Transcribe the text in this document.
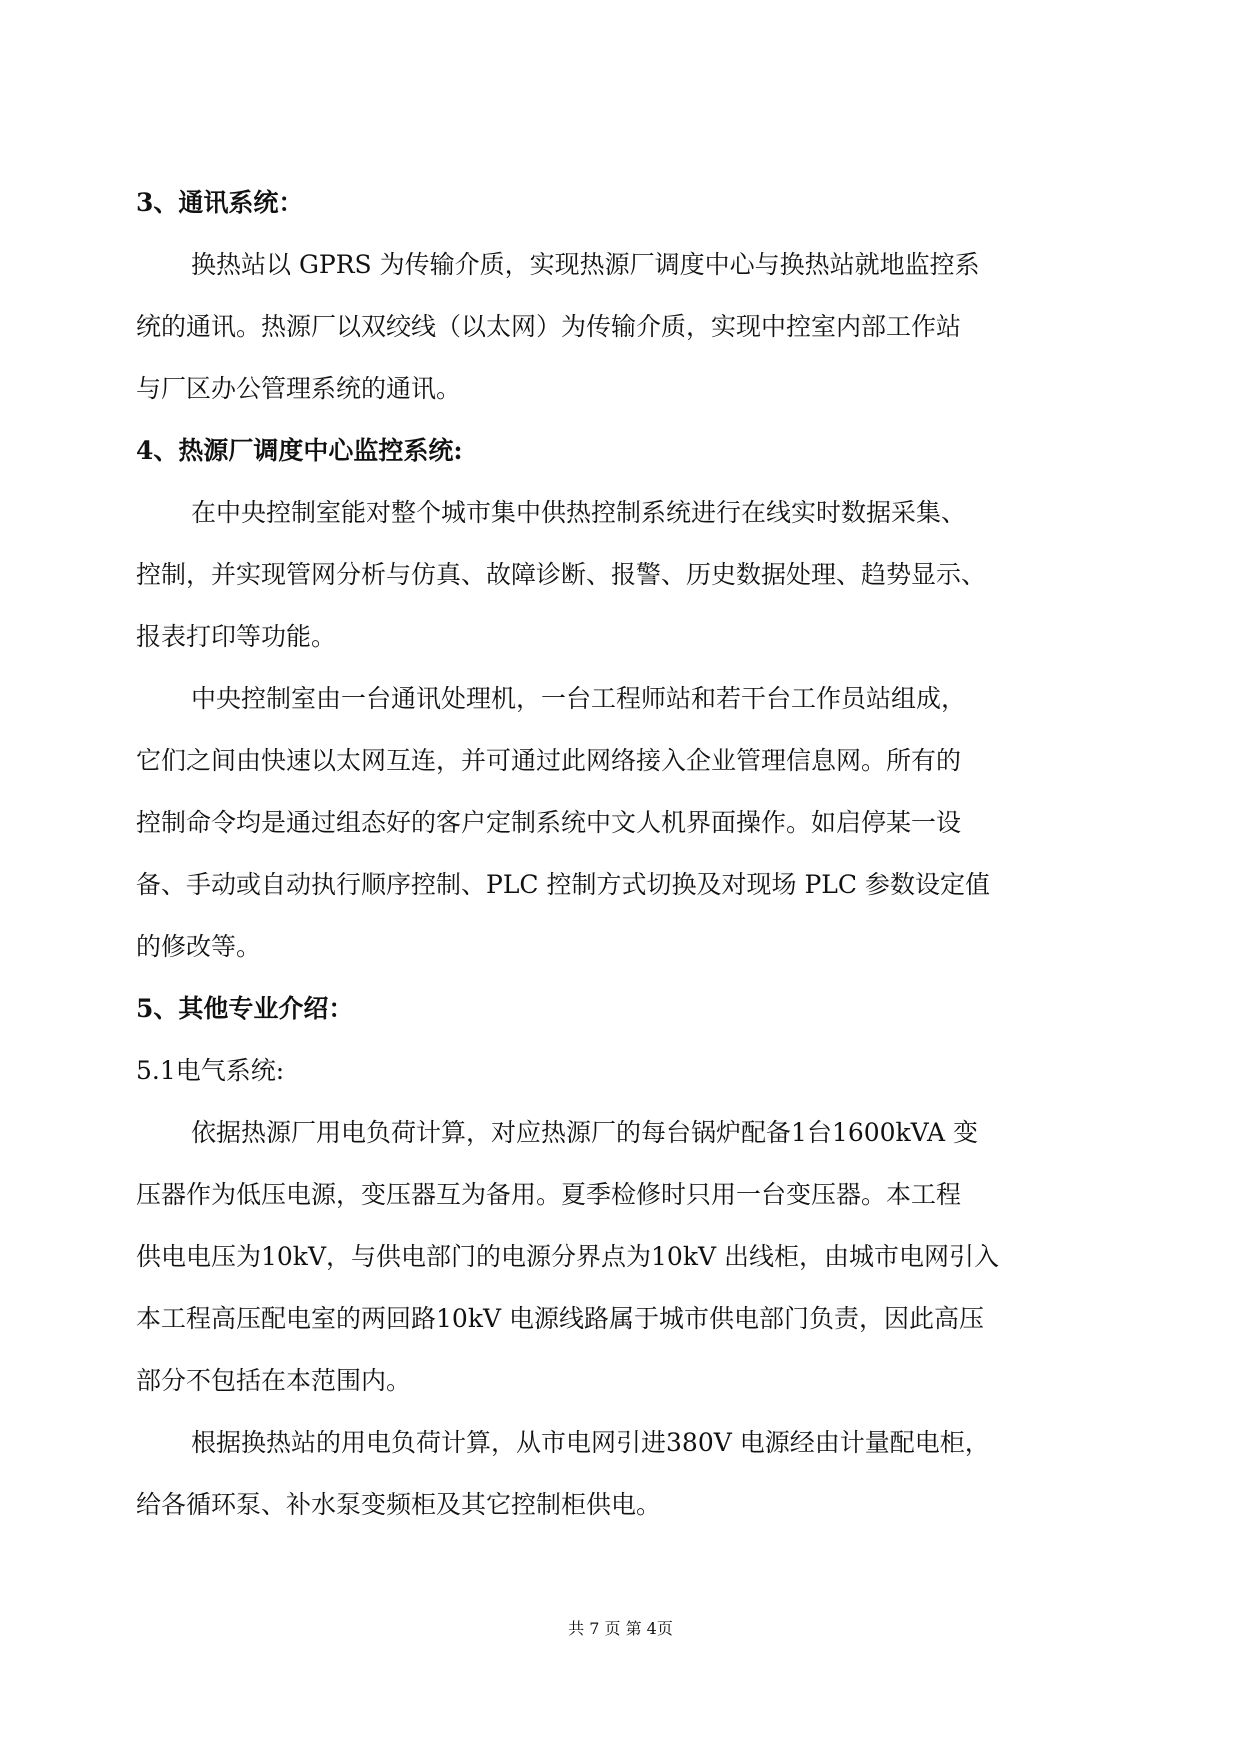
3、通讯系统：
换热站以 GPRS 为传输介质，实现热源厂调度中心与换热站就地监控系
统的通讯。热源厂以双绞线（以太网）为传输介质，实现中控室内部工作站
与厂区办公管理系统的通讯。
4、热源厂调度中心监控系统:
在中央控制室能对整个城市集中供热控制系统进行在线实时数据采集、
控制，并实现管网分析与仿真、故障诊断、报警、历史数据处理、趋势显示、
报表打印等功能。
中央控制室由一台通讯处理机，一台工程师站和若干台工作员站组成，
它们之间由快速以太网互连，并可通过此网络接入企业管理信息网。所有的
控制命令均是通过组态好的客户定制系统中文人机界面操作。如启停某一设
备、手动或自动执行顺序控制、PLC 控制方式切换及对现场 PLC 参数设定值
的修改等。
5、其他专业介绍：
5.1电气系统:
依据热源厂用电负荷计算，对应热源厂的每台锅炉配备1台1600kVA 变
压器作为低压电源，变压器互为备用。夏季检修时只用一台变压器。本工程
供电电压为10kV，与供电部门的电源分界点为10kV 出线柜，由城市电网引入
本工程高压配电室的两回路10kV 电源线路属于城市供电部门负责，因此高压
部分不包括在本范围内。
根据换热站的用电负荷计算，从市电网引进380V 电源经由计量配电柜，
给各循环泵、补水泵变频柜及其它控制柜供电。
共 7 页 第 4页
